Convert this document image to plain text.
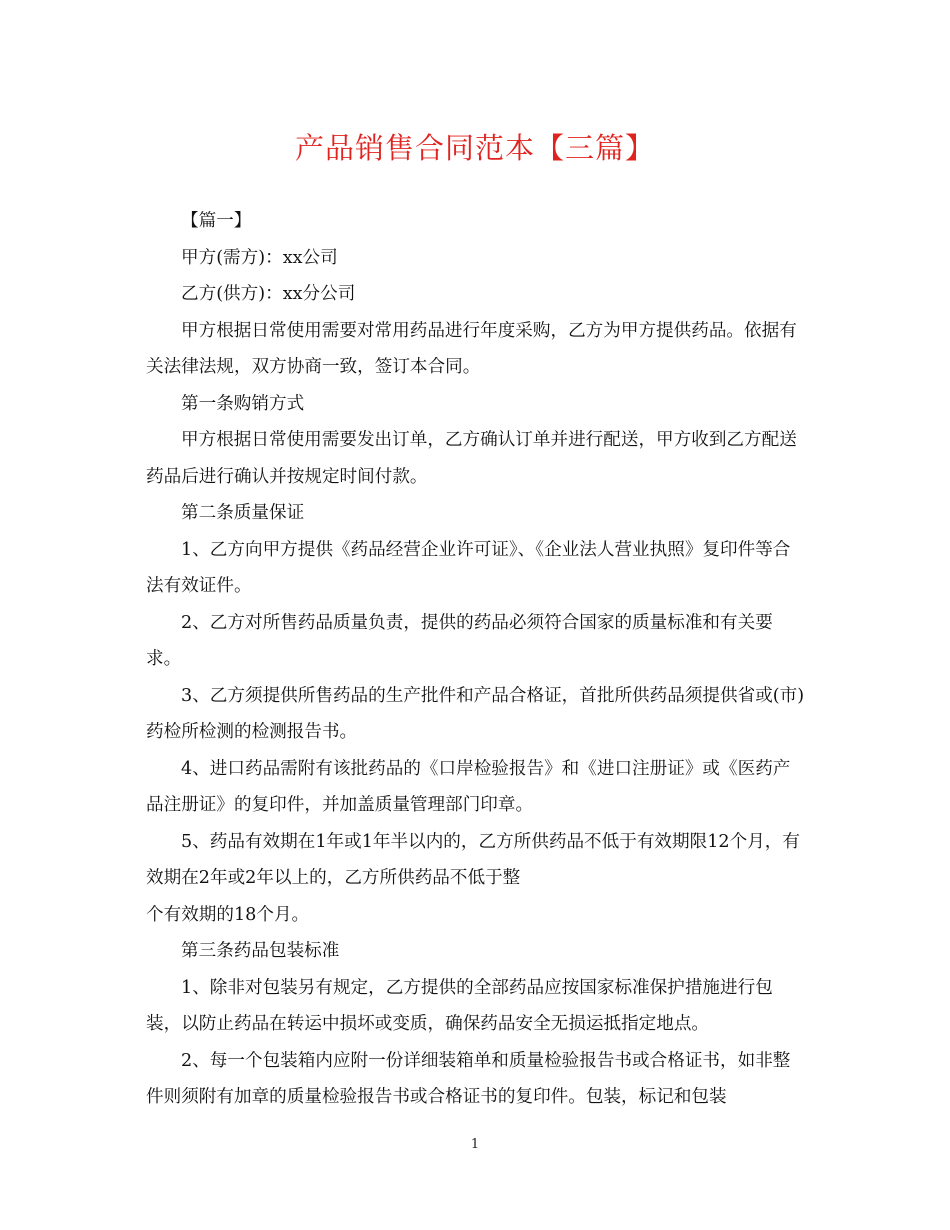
产品销售合同范本【三篇】

【篇一】

甲方(需方)：xx公司

乙方(供方)：xx分公司

甲方根据日常使用需要对常用药品进行年度采购，乙方为甲方提供药品。依据有关法律法规，双方协商一致，签订本合同。

第一条购销方式

甲方根据日常使用需要发出订单，乙方确认订单并进行配送，甲方收到乙方配送药品后进行确认并按规定时间付款。

第二条质量保证

1、乙方向甲方提供《药品经营企业许可证》、《企业法人营业执照》复印件等合法有效证件。

2、乙方对所售药品质量负责，提供的药品必须符合国家的质量标准和有关要求。

3、乙方须提供所售药品的生产批件和产品合格证，首批所供药品须提供省或(市)药检所检测的检测报告书。

4、进口药品需附有该批药品的《口岸检验报告》和《进口注册证》或《医药产品注册证》的复印件，并加盖质量管理部门印章。

5、药品有效期在1年或1年半以内的，乙方所供药品不低于有效期限12个月，有效期在2年或2年以上的，乙方所供药品不低于整

个有效期的18个月。

第三条药品包装标准

1、除非对包装另有规定，乙方提供的全部药品应按国家标准保护措施进行包装，以防止药品在转运中损坏或变质，确保药品安全无损运抵指定地点。

2、每一个包装箱内应附一份详细装箱单和质量检验报告书或合格证书，如非整件则须附有加章的质量检验报告书或合格证书的复印件。包装，标记和包装

1
